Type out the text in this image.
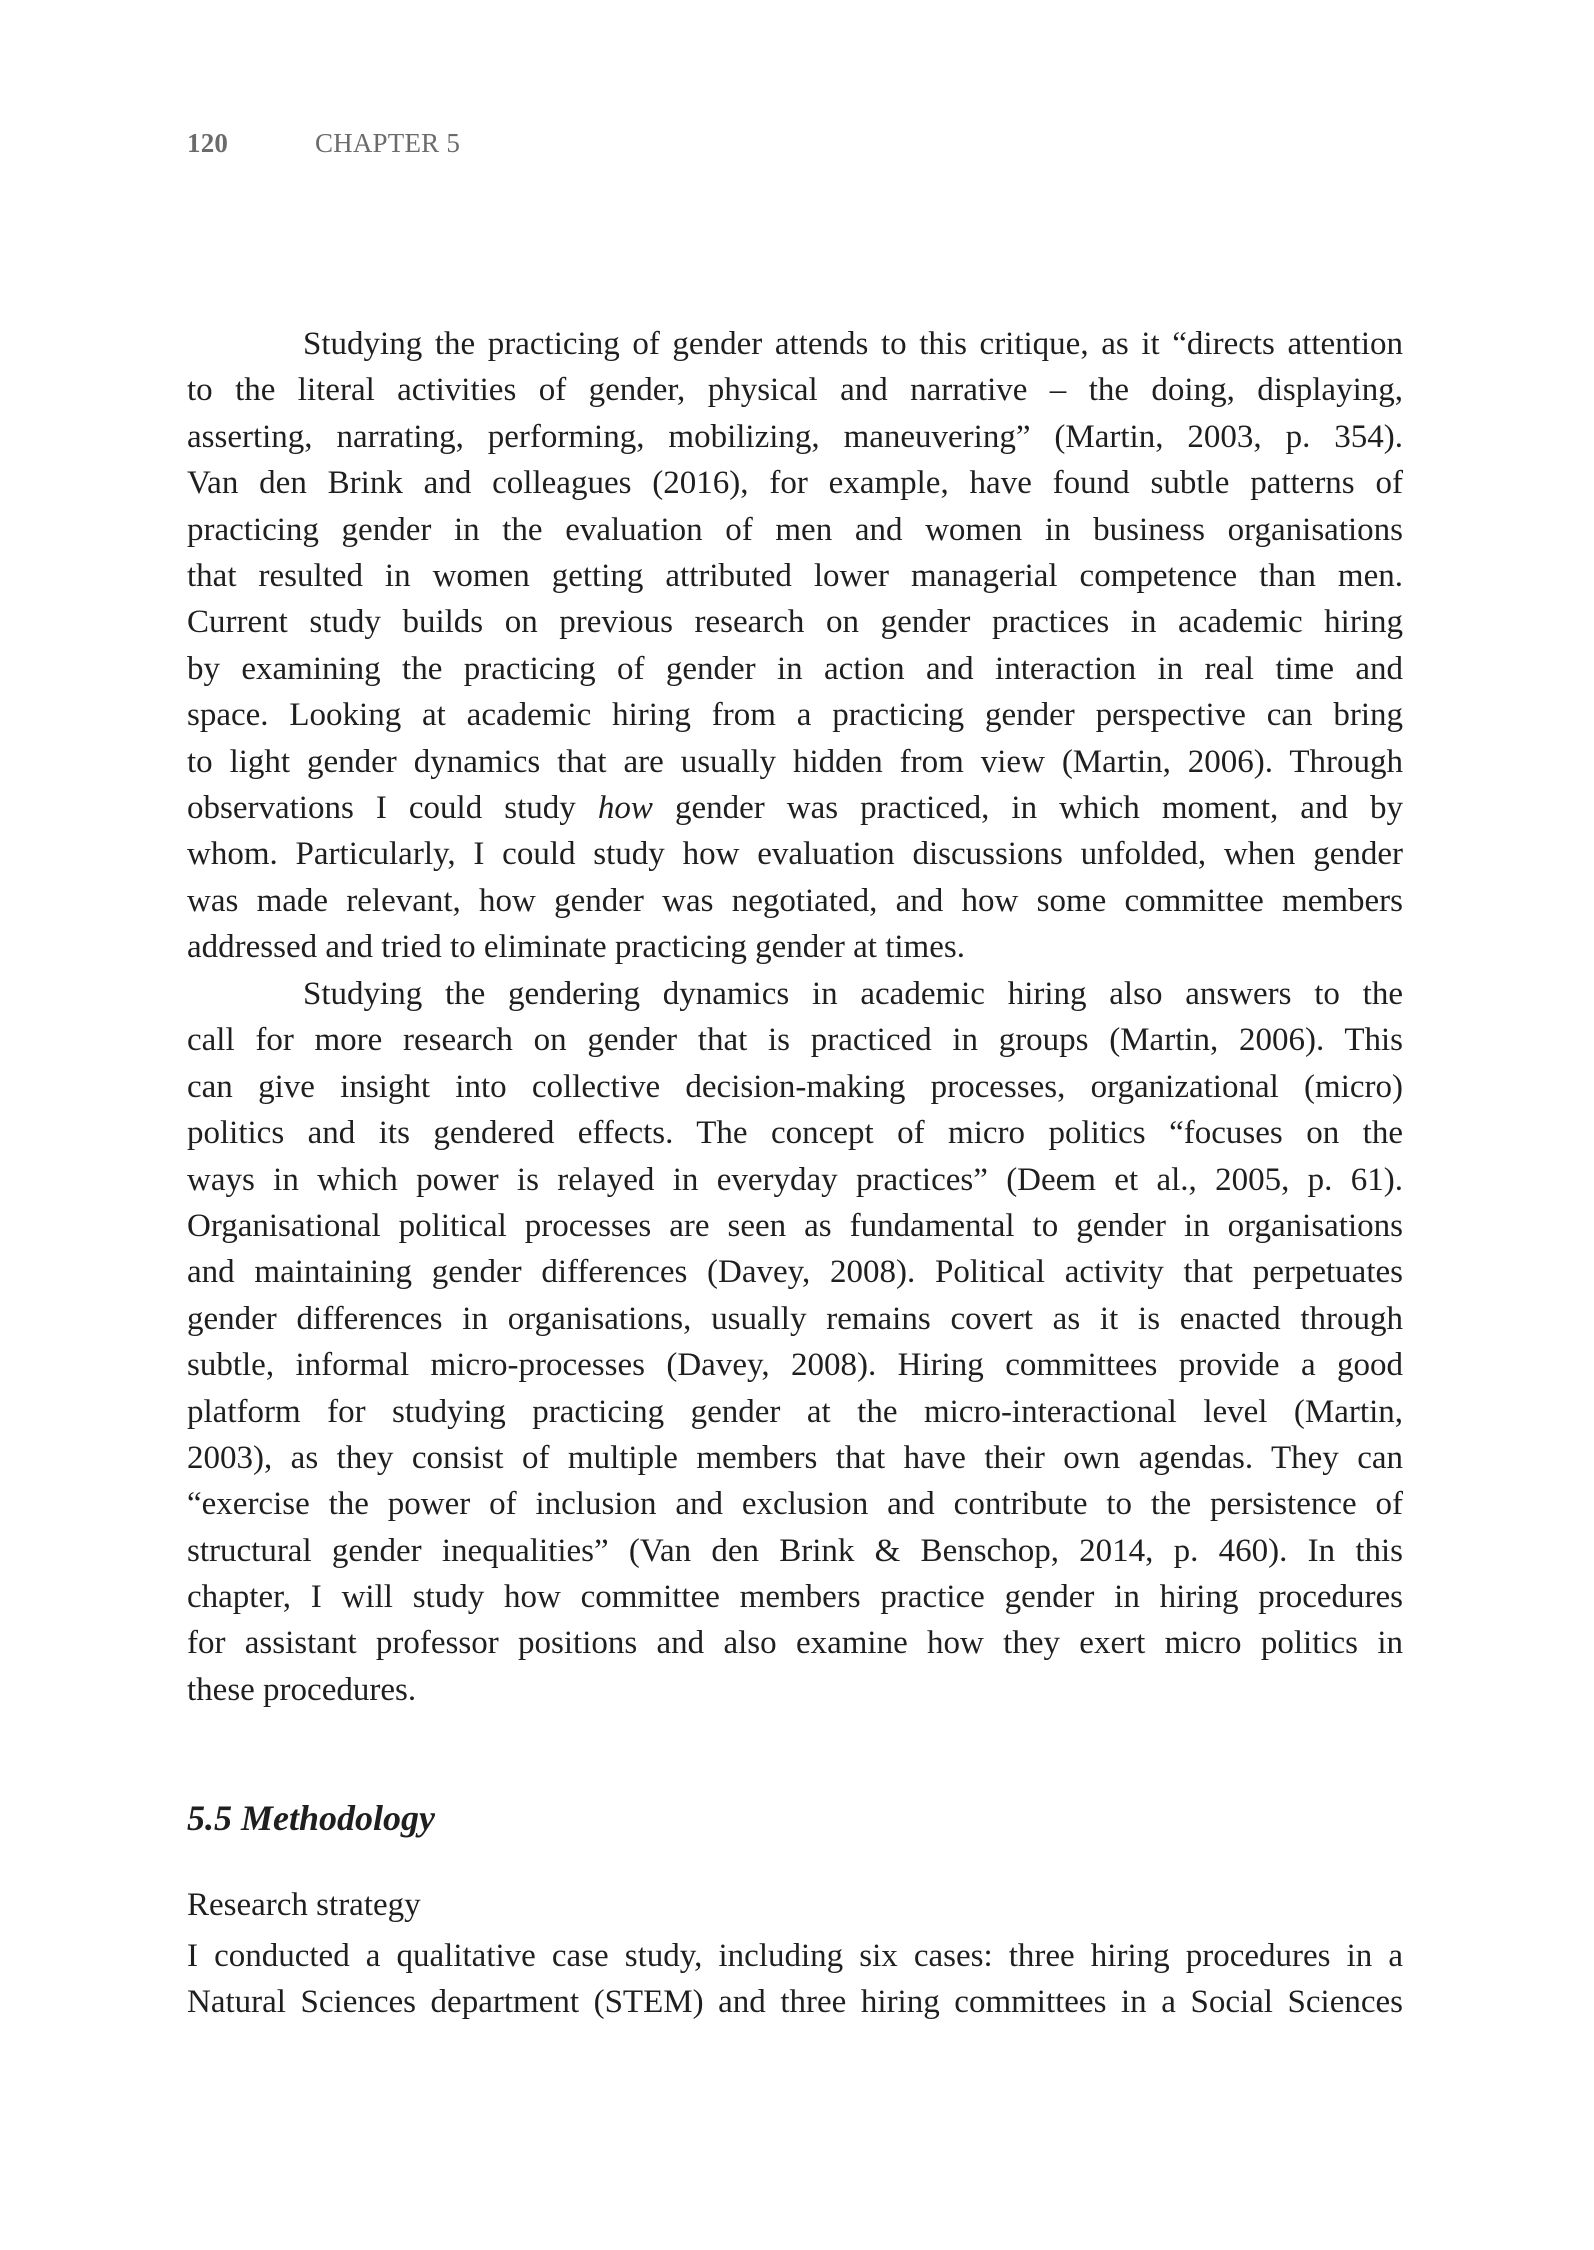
120	CHAPTER 5
Studying the practicing of gender attends to this critique, as it “directs attention
to the literal activities of gender, physical and narrative – the doing, displaying,
asserting, narrating, performing, mobilizing, maneuvering” (Martin, 2003, p. 354).
Van den Brink and colleagues (2016), for example, have found subtle patterns of
practicing gender in the evaluation of men and women in business organisations
that resulted in women getting attributed lower managerial competence than men.
Current study builds on previous research on gender practices in academic hiring
by examining the practicing of gender in action and interaction in real time and
space. Looking at academic hiring from a practicing gender perspective can bring
to light gender dynamics that are usually hidden from view (Martin, 2006). Through
observations I could study how gender was practiced, in which moment, and by
whom. Particularly, I could study how evaluation discussions unfolded, when gender
was made relevant, how gender was negotiated, and how some committee members
addressed and tried to eliminate practicing gender at times.
Studying the gendering dynamics in academic hiring also answers to the
call for more research on gender that is practiced in groups (Martin, 2006). This
can give insight into collective decision-making processes, organizational (micro)
politics and its gendered effects. The concept of micro politics “focuses on the
ways in which power is relayed in everyday practices” (Deem et al., 2005, p. 61).
Organisational political processes are seen as fundamental to gender in organisations
and maintaining gender differences (Davey, 2008). Political activity that perpetuates
gender differences in organisations, usually remains covert as it is enacted through
subtle, informal micro-processes (Davey, 2008). Hiring committees provide a good
platform for studying practicing gender at the micro-interactional level (Martin,
2003), as they consist of multiple members that have their own agendas. They can
“exercise the power of inclusion and exclusion and contribute to the persistence of
structural gender inequalities” (Van den Brink & Benschop, 2014, p. 460). In this
chapter, I will study how committee members practice gender in hiring procedures
for assistant professor positions and also examine how they exert micro politics in
these procedures.
5.5 Methodology
Research strategy
I conducted a qualitative case study, including six cases: three hiring procedures in a
Natural Sciences department (STEM) and three hiring committees in a Social Sciences
